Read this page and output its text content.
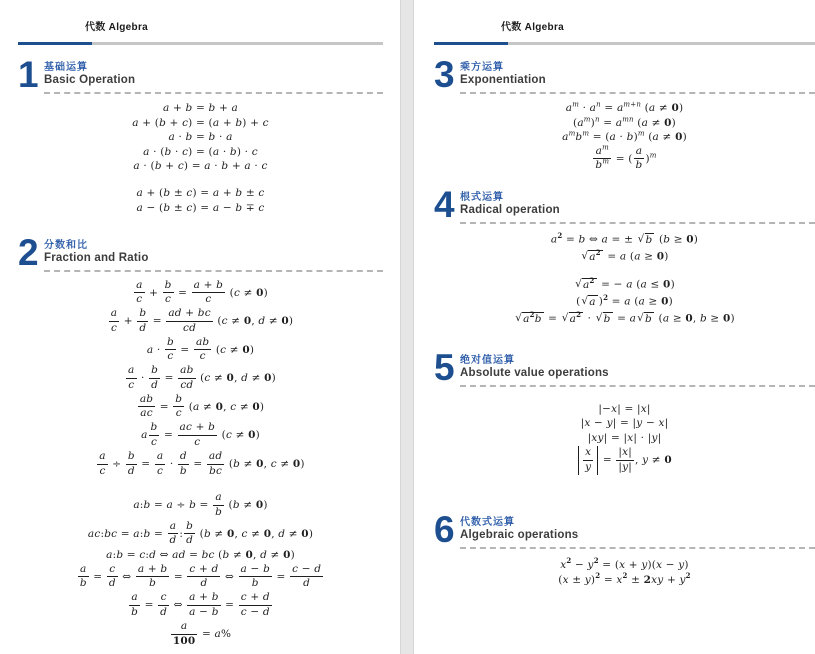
代数 Algebra
1 基础运算
Basic Operation
a + b = b + a
a + (b + c) = (a + b) + c
a · b = b · a
a · (b · c) = (a · b) · c
a · (b + c) = a · b + a · c
a + (b ± c) = a + b ± c
a − (b ± c) = a − b ∓ c
2 分数和比
Fraction and Ratio
$\frac{a}{c} + \frac{b}{c} = \frac{a + b}{c} (c \ne 0)$
$\frac{a}{c} + \frac{b}{d} = \frac{ad + bc}{cd} (c \ne 0$, d ≠ 0)
$a \cdot \frac{b}{c} = \frac{ab}{c} (c \ne 0)$
$\frac{a}{c} \cdot \frac{b}{d} = \frac{ab}{cd} (c \ne 0$, d ≠ 0)
$\frac{ab}{ac} = \frac{b}{c} (a \ne 0$, c ≠ 0)
a $\frac{b}{c} = \frac{ac + b}{c} (c \ne 0)$
$\frac{a}{c} \div \frac{b}{d} = \frac{a}{c} \cdot \frac{d}{b} = \frac{ad}{bc} (b \ne 0$, c ≠ 0)
a:b = $a \div b = \frac{a}{b} (b \ne 0)$
ac:bc = a:b = $\frac{a}{d}$ : $\frac{b}{d} (b \ne 0$, c ≠ 0, d ≠ 0)
a:b = c:d ⇔ ad = bc (b ≠ 0, d ≠ 0)
$\frac{a}{b} = \frac{c}{d}$ ⇔ $\frac{a + b}{b} = \frac{c + d}{d}$ ⇔ $\frac{a - b}{b} = \frac{c - d}{d}$
$\frac{a}{b} = \frac{c}{d}$ ⇔ $\frac{a + b}{a - b} = \frac{c + d}{c - d}$
$\frac{a}{100} = a\%$
代数 Algebra
3 乘方运算
Exponentiation
$a^m \cdot a^n = a^{m+n}$ (a ≠ 0)
$(a^m)^n = a^{mn}$ (a ≠ 0)
$a^mb^m = (a \cdot b)^m$ (a ≠ 0)
$\frac{a^m}{b^m}$ = ( $\frac{a}{b} )^m$
4 根式运算
Radical operation
$a^2 = b$ ⇔ a = ± √ b (b ≥ 0)
√ $a^2 = a$ (a ≥ 0)
√ $a^2$ = − a (a ≤ 0)
( √ a )$^2$ = a (a ≥ 0)
√ $a^2b$ = √ $a^2$ · √ b = a √ b (a ≥ 0, b ≥ 0)
5 绝对值运算
Absolute value operations
|−x| = |x|
|x − y| = |y − x|
|xy| = |x| · |y|
$\frac{x}{y} = \frac{|x|}{|y|}$ , y ≠ 0
6 代数式运算
Algebraic operations
$x^2 - y^2 = (x + y)(x - y)$
$(x \pm y)^2 = x^2 \pm 2xy + y^2$
